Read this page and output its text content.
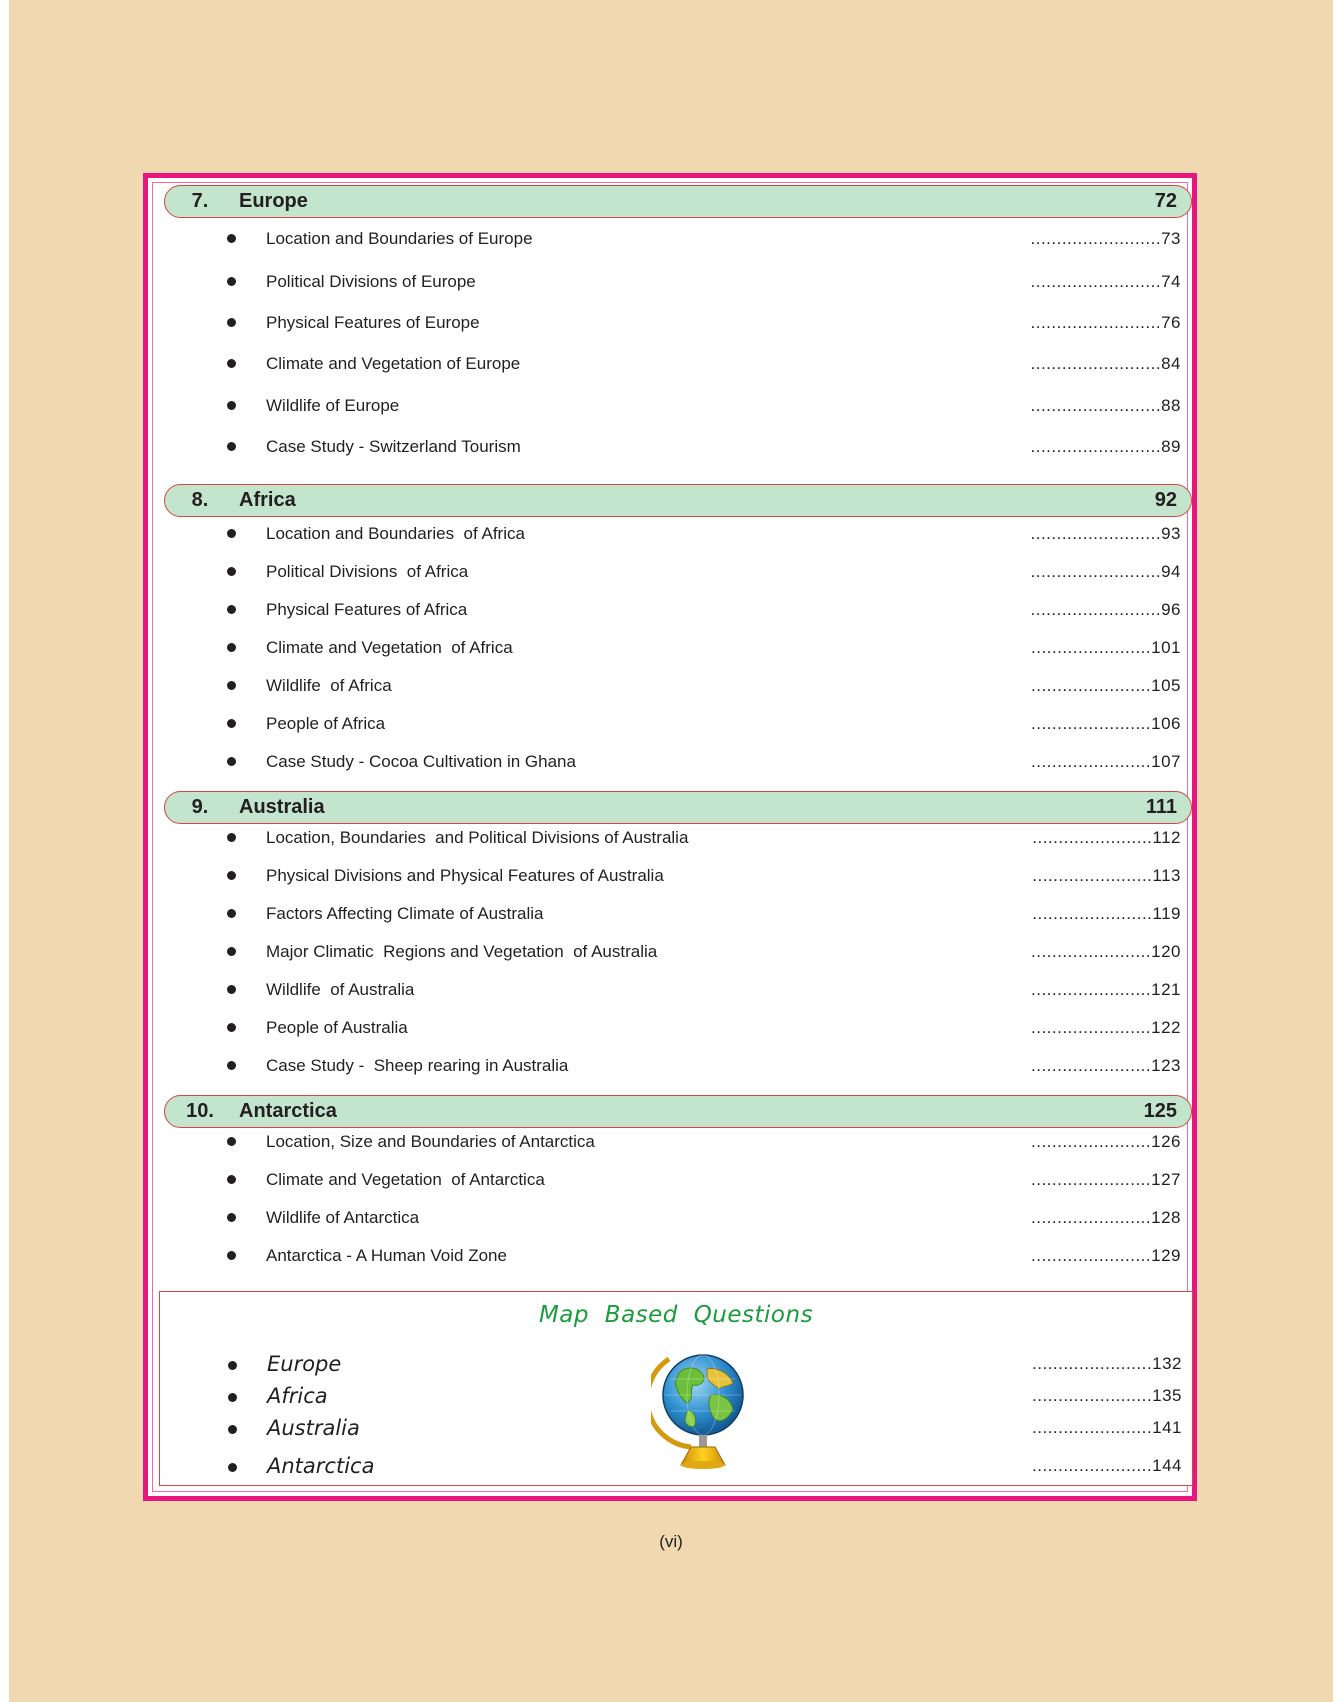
7.	Europe	72
Location and Boundaries of Europe	.........................73
Political Divisions of Europe	.........................74
Physical Features of Europe	.........................76
Climate and Vegetation of Europe	.........................84
Wildlife of Europe	.........................88
Case Study - Switzerland Tourism	.........................89
8.	Africa	92
Location and Boundaries  of Africa	.........................93
Political Divisions  of Africa	.........................94
Physical Features of Africa	.........................96
Climate and Vegetation  of Africa	.......................101
Wildlife  of Africa	.......................105
People of Africa	.......................106
Case Study - Cocoa Cultivation in Ghana	.......................107
9.	Australia	111
Location, Boundaries  and Political Divisions of Australia	.......................112
Physical Divisions and Physical Features of Australia	.......................113
Factors Affecting Climate of Australia	.......................119
Major Climatic  Regions and Vegetation  of Australia	.......................120
Wildlife  of Australia	.......................121
People of Australia	.......................122
Case Study -  Sheep rearing in Australia	.......................123
10.	Antarctica	125
Location, Size and Boundaries of Antarctica	.......................126
Climate and Vegetation  of Antarctica	.......................127
Wildlife of Antarctica	.......................128
Antarctica - A Human Void Zone	.......................129
Map Based Questions
Europe	.......................132
Africa	.......................135
Australia	.......................141
Antarctica	.......................144
(vi)
